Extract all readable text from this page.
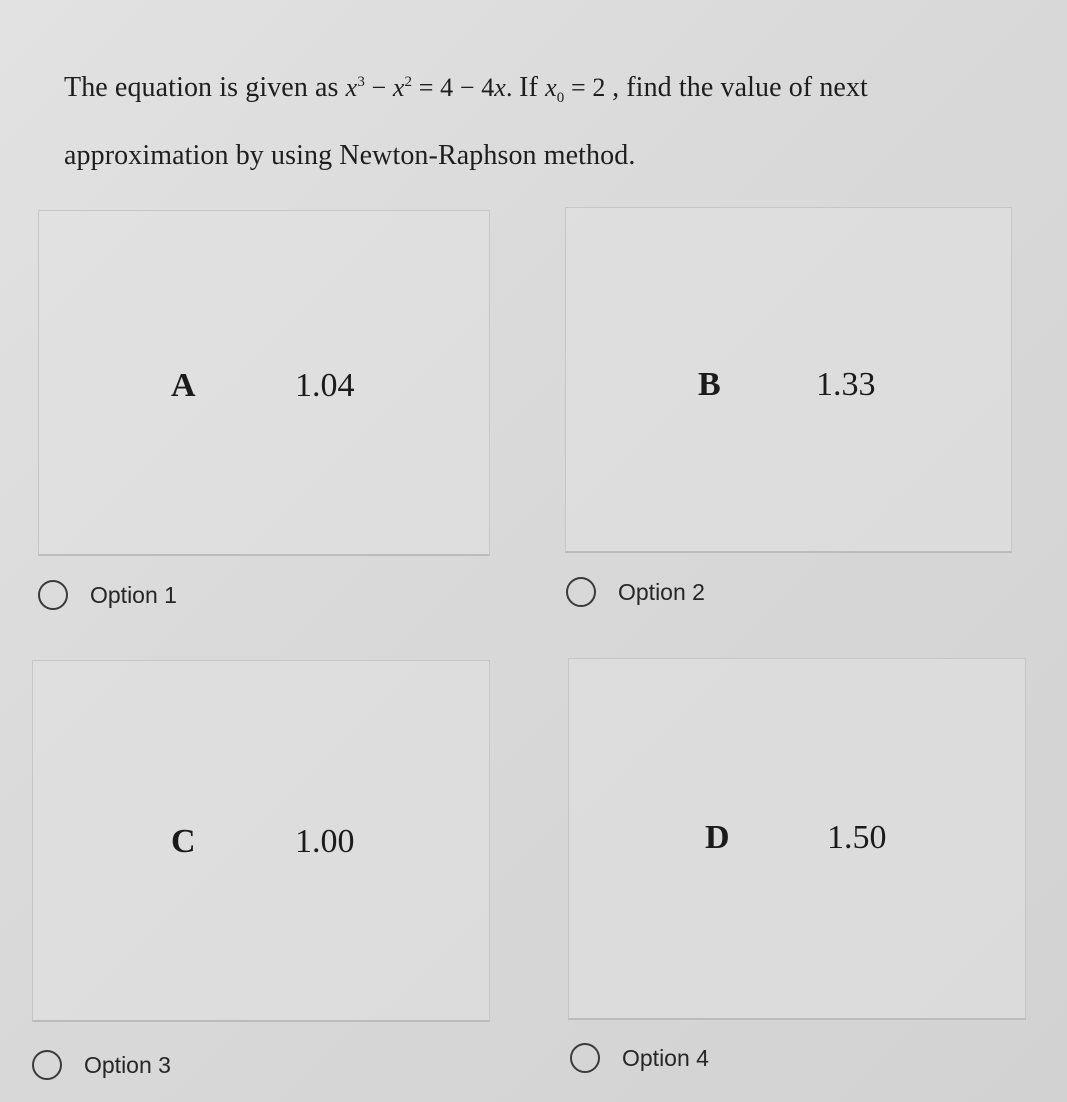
The equation is given as $x^3 - x^2 = 4 - 4x$. If $x_0 = 2$ , find the value of next approximation by using Newton-Raphson method.
A	1.04	B	1.33
Option 1	Option 2
C	1.00	D	1.50
Option 3	Option 4
